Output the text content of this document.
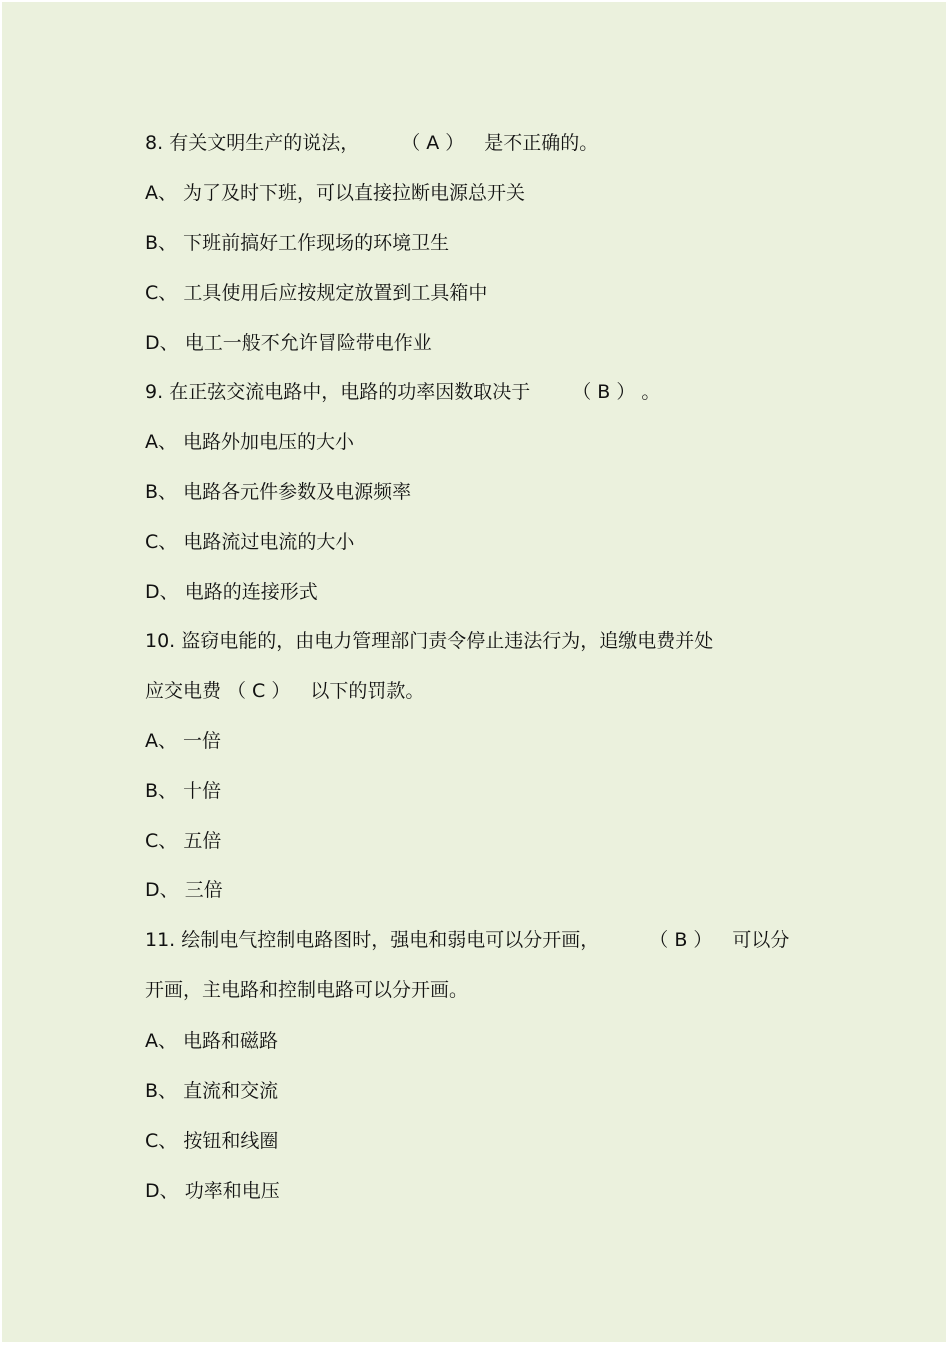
8. 有关文明生产的说法， （ A ） 是不正确的。
A、 为了及时下班，可以直接拉断电源总开关
B、 下班前搞好工作现场的环境卫生
C、 工具使用后应按规定放置到工具箱中
D、 电工一般不允许冒险带电作业
9. 在正弦交流电路中，电路的功率因数取决于 （ B ） 。
A、 电路外加电压的大小
B、 电路各元件参数及电源频率
C、 电路流过电流的大小
D、 电路的连接形式
10. 盗窃电能的，由电力管理部门责令停止违法行为，追缴电费并处
应交电费 （ C ） 以下的罚款。
A、 一倍
B、 十倍
C、 五倍
D、 三倍
11. 绘制电气控制电路图时，强电和弱电可以分开画，	（ B ） 可以分
开画，主电路和控制电路可以分开画。
A、 电路和磁路
B、 直流和交流
C、 按钮和线圈
D、 功率和电压
